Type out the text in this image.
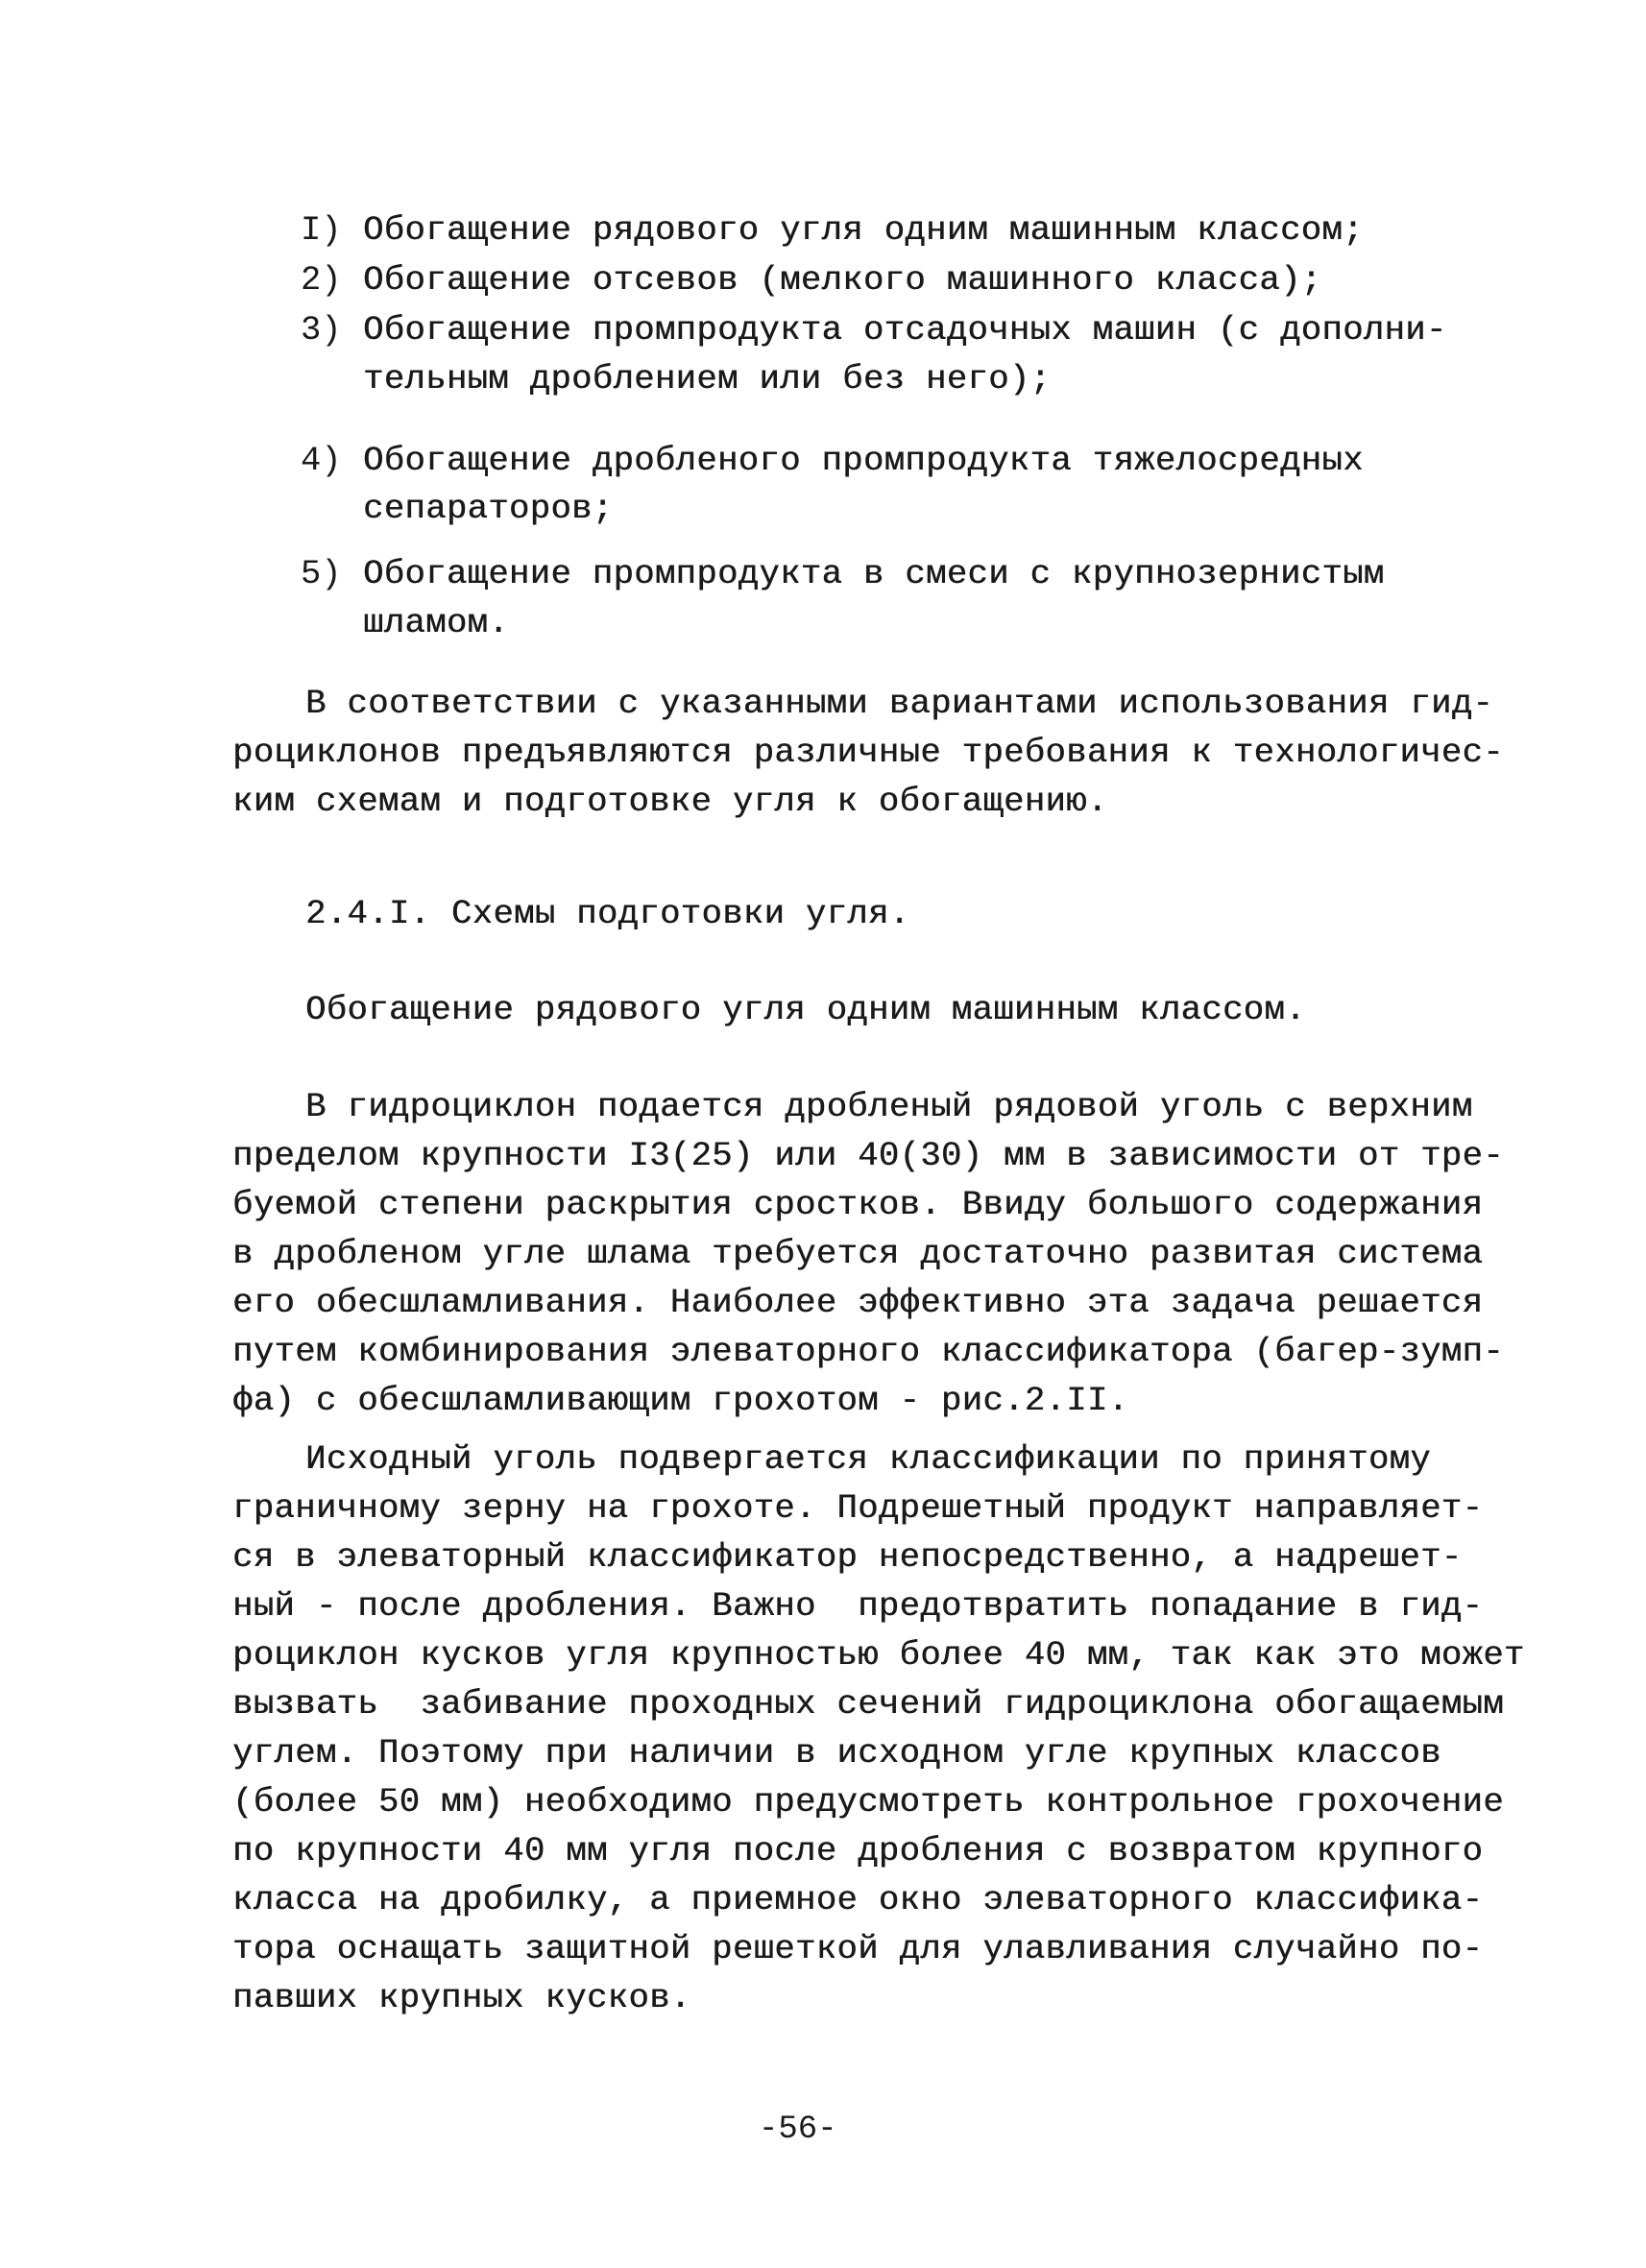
I) Обогащение рядового угля одним машинным классом;
2) Обогащение отсевов (мелкого машинного класса);
3) Обогащение промпродукта отсадочных машин (с дополни-
тельным дроблением или без него);
4) Обогащение дробленого промпродукта тяжелосредных
сепараторов;
5) Обогащение промпродукта в смеси с крупнозернистым
шламом.
В соответствии с указанными вариантами использования гид-
роциклонов предъявляются различные требования к технологичес-
ким схемам и подготовке угля к обогащению.
2.4.I. Схемы подготовки угля.
Обогащение рядового угля одним машинным классом.
В гидроциклон подается дробленый рядовой уголь с верхним
пределом крупности I3(25) или 40(30) мм в зависимости от тре-
буемой степени раскрытия сростков. Ввиду большого содержания
в дробленом угле шлама требуется достаточно развитая система
его обесшламливания. Наиболее эффективно эта задача решается
путем комбинирования элеваторного классификатора (багер-зумп-
фа) с обесшламливающим грохотом - рис.2.II.
Исходный уголь подвергается классификации по принятому
граничному зерну на грохоте. Подрешетный продукт направляет-
ся в элеваторный классификатор непосредственно, а надрешет-
ный - после дробления. Важно  предотвратить попадание в гид-
роциклон кусков угля крупностью более 40 мм, так как это может
вызвать  забивание проходных сечений гидроциклона обогащаемым
углем. Поэтому при наличии в исходном угле крупных классов
(более 50 мм) необходимо предусмотреть контрольное грохочение
по крупности 40 мм угля после дробления с возвратом крупного
класса на дробилку, а приемное окно элеваторного классифика-
тора оснащать защитной решеткой для улавливания случайно по-
павших крупных кусков.
-56-
